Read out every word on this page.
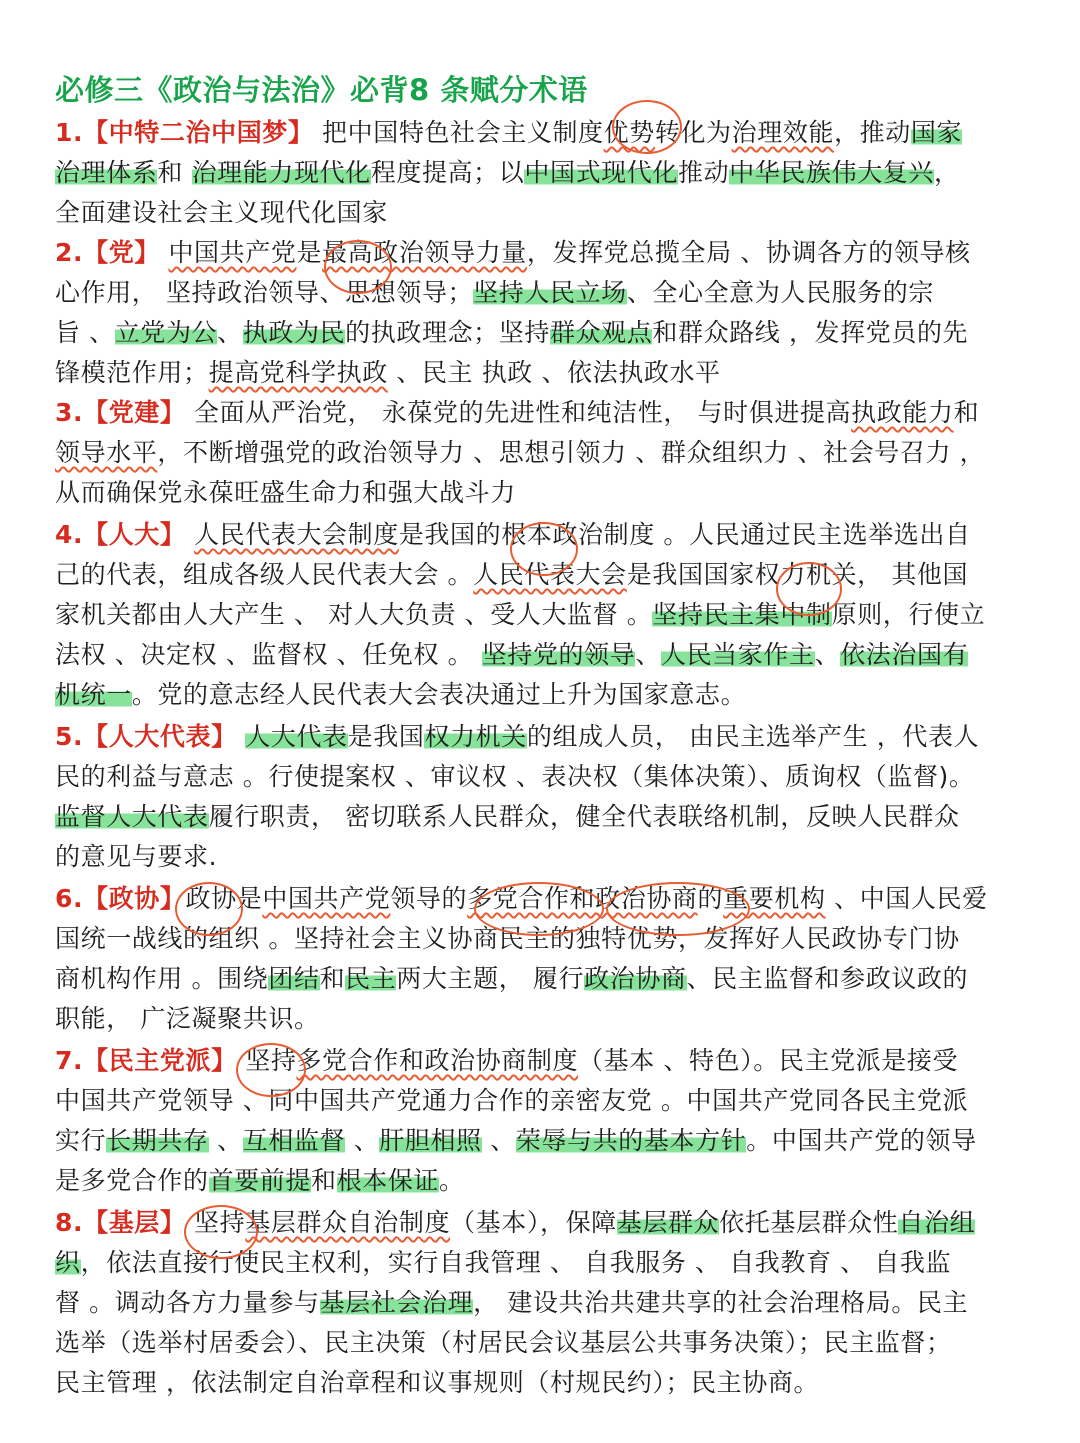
必修三《政治与法治》必背8 条赋分术语
1.【中特二治中国梦】 把中国特色社会主义制度优势转化为治理效能，推动国家
治理体系和 治理能力现代化程度提高；以中国式现代化推动中华民族伟大复兴，
全面建设社会主义现代化国家
2.【党】 中国共产党是最高政治领导力量，发挥党总揽全局 、协调各方的领导核
心作用， 坚持政治领导、思想领导；坚持人民立场、全心全意为人民服务的宗
旨 、立党为公、执政为民的执政理念；坚持群众观点和群众路线 ，发挥党员的先
锋模范作用；提高党科学执政 、民主 执政 、依法执政水平
3.【党建】 全面从严治党， 永葆党的先进性和纯洁性， 与时俱进提高执政能力和
领导水平，不断增强党的政治领导力 、思想引领力 、群众组织力 、社会号召力 ，
从而确保党永葆旺盛生命力和强大战斗力
4.【人大】 人民代表大会制度是我国的根本政治制度 。人民通过民主选举选出自
己的代表，组成各级人民代表大会 。人民代表大会是我国国家权力机关， 其他国
家机关都由人大产生 、 对人大负责 、受人大监督 。坚持民主集中制原则，行使立
法权 、决定权 、监督权 、任免权 。 坚持党的领导、人民当家作主、依法治国有
机统一。党的意志经人民代表大会表决通过上升为国家意志。
5.【人大代表】 人大代表是我国权力机关的组成人员， 由民主选举产生 ，代表人
民的利益与意志 。行使提案权 、审议权 、表决权（集体决策）、质询权（监督)。
监督人大代表履行职责， 密切联系人民群众，健全代表联络机制，反映人民群众
的意见与要求.
6.【政协】政协是中国共产党领导的多党合作和政治协商的重要机构 、中国人民爱
国统一战线的组织 。坚持社会主义协商民主的独特优势，发挥好人民政协专门协
商机构作用 。围绕团结和民主两大主题， 履行政治协商、民主监督和参政议政的
职能， 广泛凝聚共识。
7.【民主党派】 坚持多党合作和政治协商制度（基本 、特色）。民主党派是接受
中国共产党领导 、同中国共产党通力合作的亲密友党 。中国共产党同各民主党派
实行长期共存 、互相监督 、肝胆相照 、荣辱与共的基本方针。中国共产党的领导
是多党合作的首要前提和根本保证。
8.【基层】 坚持基层群众自治制度（基本），保障基层群众依托基层群众性自治组
织，依法直接行使民主权利，实行自我管理 、 自我服务 、 自我教育 、 自我监
督 。调动各方力量参与基层社会治理， 建设共治共建共享的社会治理格局。民主
选举（选举村居委会）、民主决策（村居民会议基层公共事务决策）；民主监督；
民主管理 ，依法制定自治章程和议事规则（村规民约）；民主协商。
